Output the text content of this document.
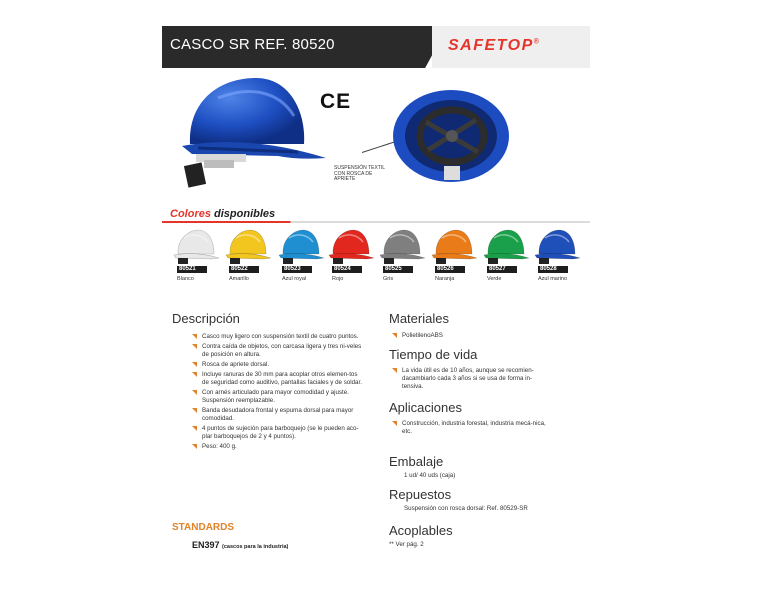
CASCO SR REF. 80520	SAFETOP®
CE
SUSPENSIÓN TEXTIL CON ROSCA DE APRIETE
Colores disponibles
80521
Blanco
80522
Amarillo
80523
Azul royal
80524
Rojo
80525
Gris
80526
Naranja
80527
Verde
80528
Azul marino
Descripción
Casco muy ligero con suspensión textil de cuatro puntos.
Contra caída de objetos, con carcasa ligera y tres ni-veles de posición en altura.
Rosca de apriete dorsal.
Incluye ranuras de 30 mm para acoplar otros elemen-tos de seguridad como auditivo, pantallas faciales y de soldar.
Con arnés articulado para mayor comodidad y ajuste. Suspensión reemplazable.
Banda desudadora frontal y espuma dorsal para mayor comodidad.
4 puntos de sujeción para barboquejo (se le pueden aco-plar barboquejos de 2 y 4 puntos).
Peso: 400 g.
Materiales
PolietilenoABS
Tiempo de vida
La vida útil es de 10 años, aunque se recomien-dacambiarlo cada 3 años si se usa de forma in-tensiva.
Aplicaciones
Construcción, industria forestal, industria mecá-nica, etc.
Embalaje
1 ud/ 40 uds (caja)
Repuestos
Suspensión con rosca dorsal: Ref. 80529-SR
Acoplables
** Ver pág. 2
STANDARDS
EN397 (cascos para la industria)
